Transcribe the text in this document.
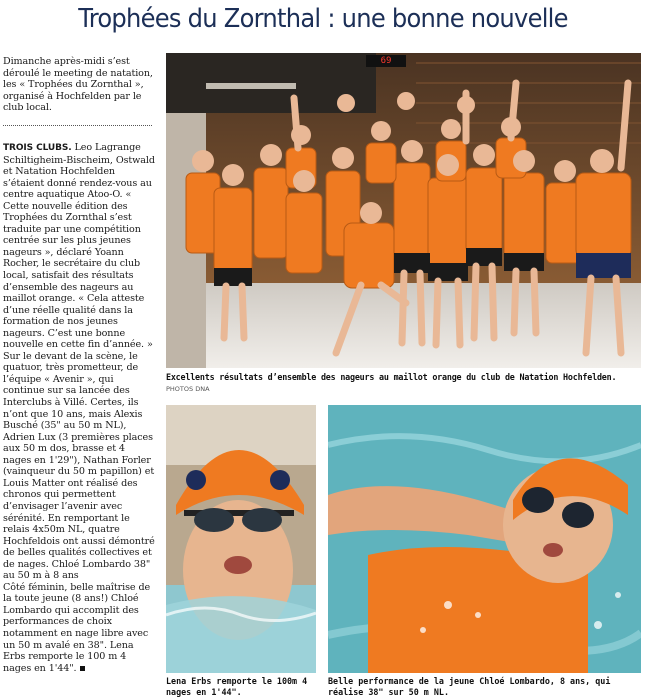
Trophées du Zornthal : une bonne nouvelle

Dimanche après-midi s’est déroulé le meeting de natation, les « Trophées du Zornthal », organisé à Hochfelden par le club local.

TROIS CLUBS. Leo Lagrange Schiltigheim-Bischeim, Ostwald et Natation Hochfelden s’étaient donné rendez-vous au centre aquatique Atoo-O. « Cette nouvelle édition des Trophées du Zornthal s’est traduite par une compétition centrée sur les plus jeunes nageurs », déclaré Yoann Rocher, le secrétaire du club local, satisfait des résultats d’ensemble des nageurs au maillot orange. « Cela atteste d’une réelle qualité dans la formation de nos jeunes nageurs. C’est une bonne nouvelle en cette fin d’année. »

Sur le devant de la scène, le quatuor, très prometteur, de l’équipe « Avenir », qui continue sur sa lancée des Interclubs à Villé. Certes, ils n’ont que 10 ans, mais Alexis Busché (35" au 50 m NL), Adrien Lux (3 premières places aux 50 m dos, brasse et 4 nages en 1'29"), Nathan Forler (vainqueur du 50 m papillon) et Louis Matter ont réalisé des chronos qui permettent d’envisager l’avenir avec sérénité. En remportant le relais 4x50m NL, quatre Hochfeldois ont aussi démontré de belles qualités collectives et de nages. Chloé Lombardo 38" au 50 m à 8 ans

Côté féminin, belle maîtrise de la toute jeune (8 ans!) Chloé Lombardo qui accomplit des performances de choix notamment en nage libre avec un 50 m avalé en 38". Lena Erbs remporte le 100 m 4 nages en 1'44".

69
Excellents résultats d’ensemble des nageurs au maillot orange du club de Natation Hochfelden.
PHOTOS DNA
Lena Erbs remporte le 100m 4 nages en 1'44".
Belle performance de la jeune Chloé Lombardo, 8 ans, qui réalise 38" sur 50 m NL.
